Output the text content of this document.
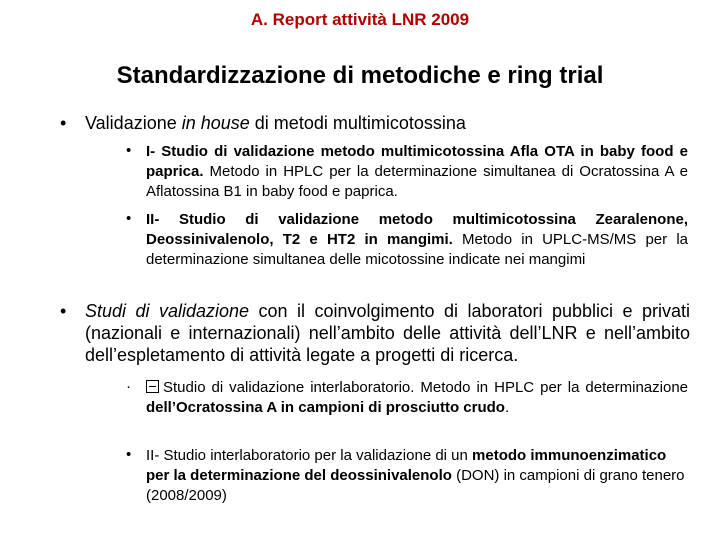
A. Report attività LNR 2009
Standardizzazione di metodiche e ring trial
• Validazione in house di metodi multimicotossina
• I- Studio di validazione metodo multimicotossina Afla OTA in baby food e paprica. Metodo in HPLC per la determinazione simultanea di Ocratossina A e Aflatossina B1 in baby food e paprica.
• II- Studio di validazione metodo multimicotossina Zearalenone, Deossinivalenolo, T2 e HT2 in mangimi. Metodo in UPLC-MS/MS per la determinazione simultanea delle micotossine indicate nei mangimi
• Studi di validazione con il coinvolgimento di laboratori pubblici e privati (nazionali e internazionali) nell’ambito delle attività dell’LNR e nell’ambito dell’espletamento di attività legate a progetti di ricerca.
·	Studio di validazione interlaboratorio. Metodo in HPLC per la determinazione dell’Ocratossina A in campioni di prosciutto crudo.
• II- Studio interlaboratorio per la validazione di un metodo immunoenzimatico per la determinazione del deossinivalenolo (DON) in campioni di grano tenero (2008/2009)
